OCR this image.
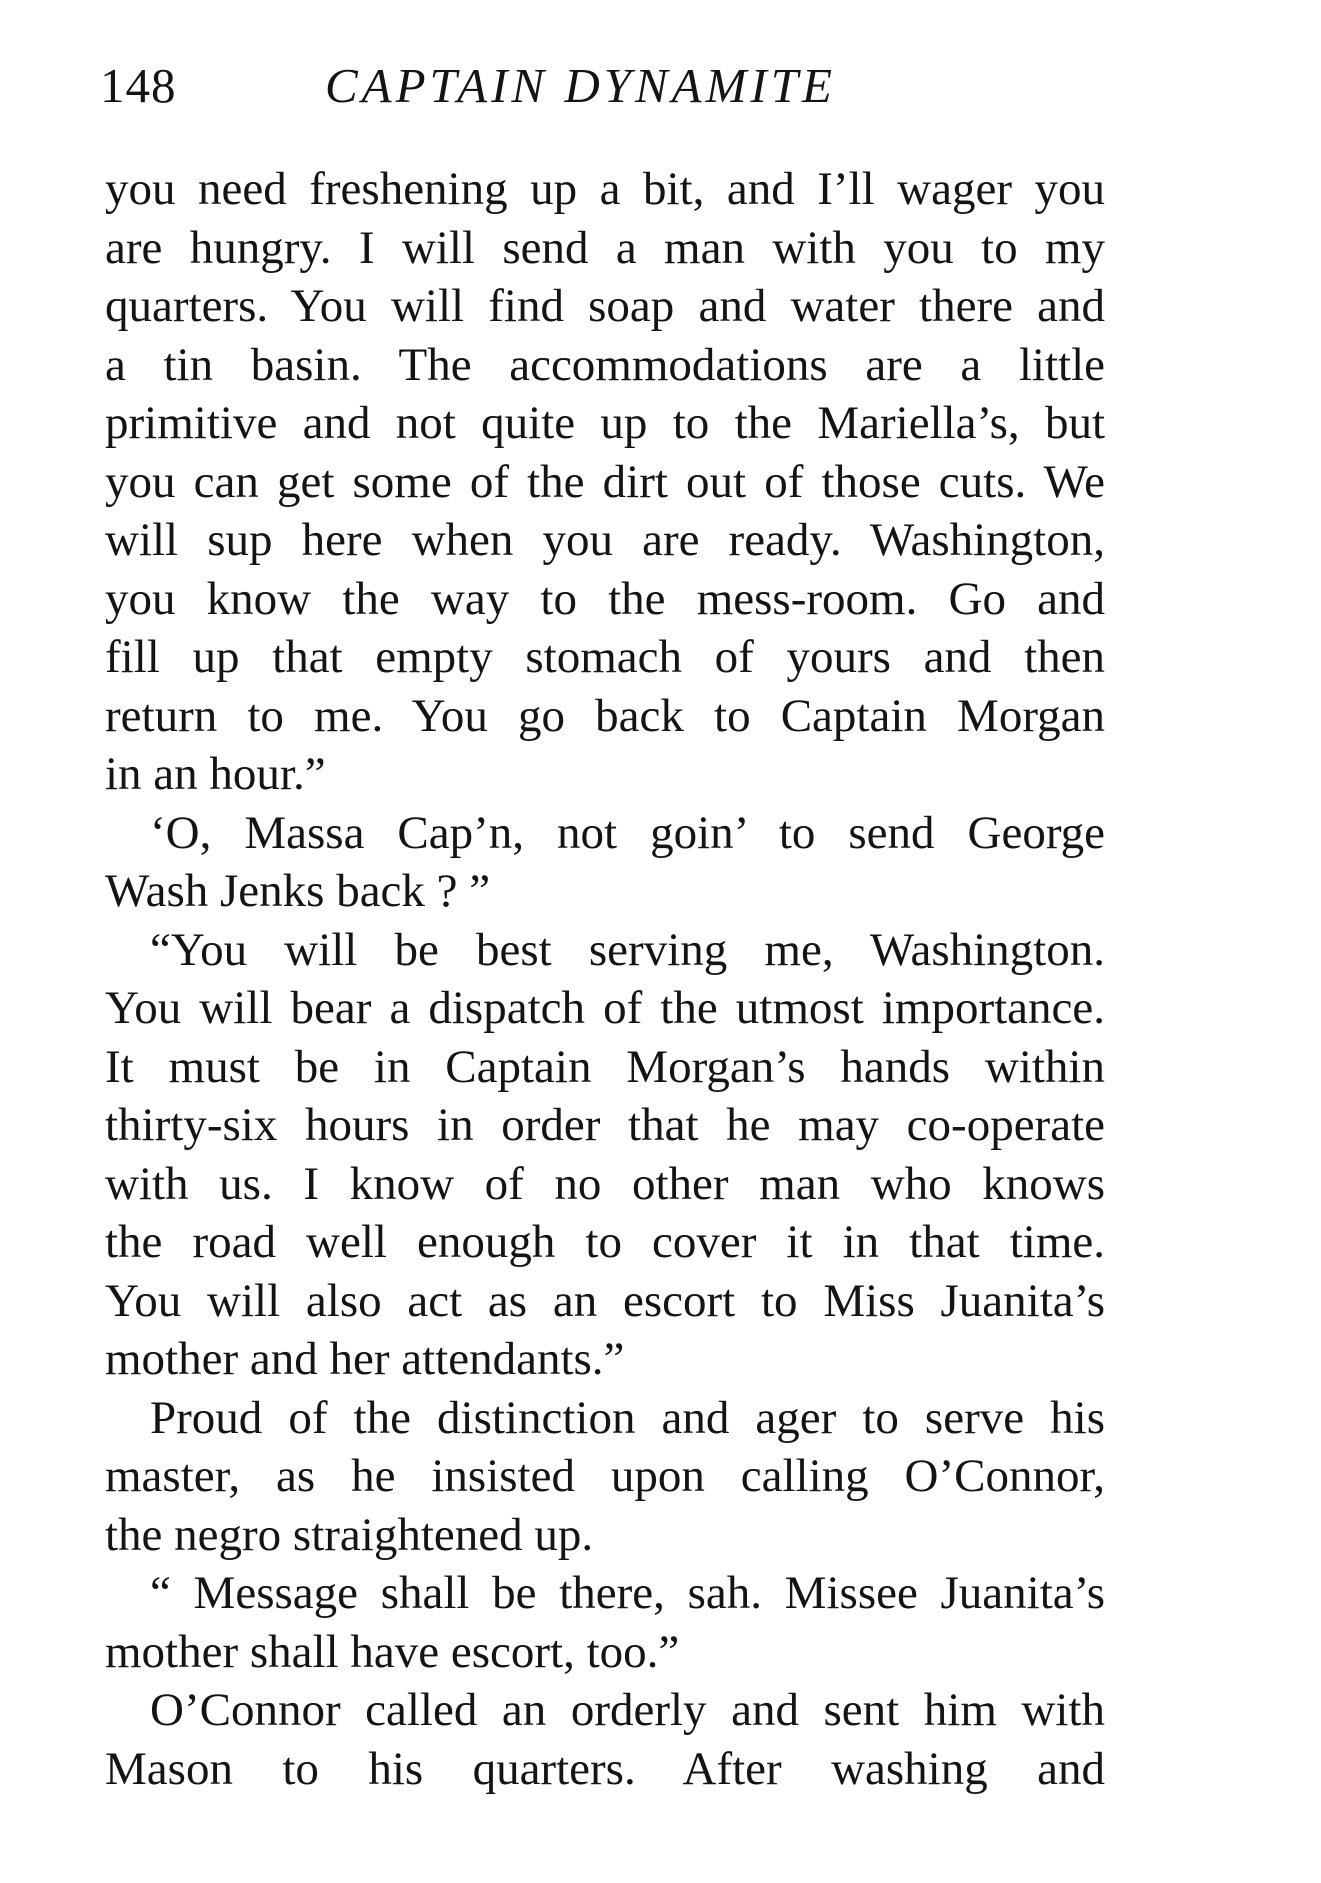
148	CAPTAIN DYNAMITE
you need freshening up a bit, and I’ll wager you
are hungry. I will send a man with you to my
quarters. You will find soap and water there and
a tin basin. The accommodations are a little
primitive and not quite up to the Mariella’s, but
you can get some of the dirt out of those cuts. We
will sup here when you are ready. Washington,
you know the way to the mess-room. Go and
fill up that empty stomach of yours and then
return to me. You go back to Captain Morgan
in an hour.”
‘O, Massa Cap’n, not goin’ to send George
Wash Jenks back ? ”
“You will be best serving me, Washington.
You will bear a dispatch of the utmost importance.
It must be in Captain Morgan’s hands within
thirty-six hours in order that he may co-operate
with us. I know of no other man who knows
the road well enough to cover it in that time.
You will also act as an escort to Miss Juanita’s
mother and her attendants.”
Proud of the distinction and ager to serve his
master, as he insisted upon calling O’Connor,
the negro straightened up.
“ Message shall be there, sah. Missee Juanita’s
mother shall have escort, too.”
O’Connor called an orderly and sent him with
Mason to his quarters. After washing and
